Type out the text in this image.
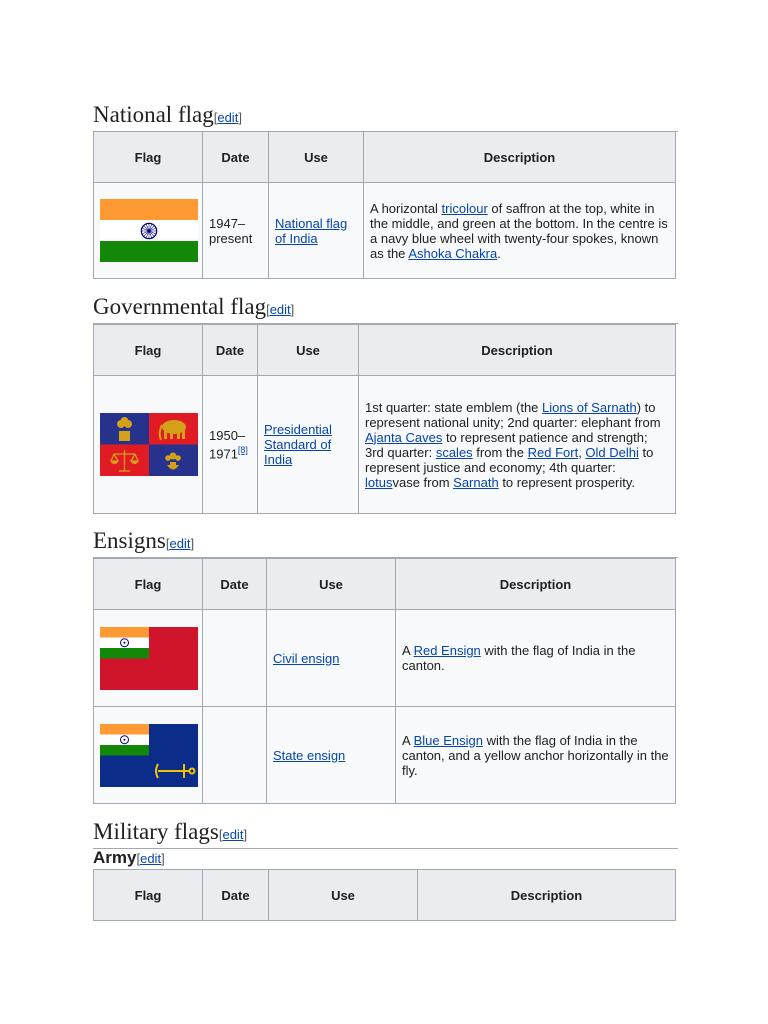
National flag[edit]
Flag	Date	Use	Description

	1947– present	National flag of India	A horizontal tricolour of saffron at the top, white in the middle, and green at the bottom. In the centre is a navy blue wheel with twenty-four spokes, known as the Ashoka Chakra.
Governmental flag[edit]
Flag	Date	Use	Description

	1950– 1971[8]	Presidential Standard of India	1st quarter: state emblem (the Lions of Sarnath) to represent national unity; 2nd quarter: elephant from Ajanta Caves to represent patience and strength; 3rd quarter: scales from the Red Fort, Old Delhi to represent justice and economy; 4th quarter: lotusvase from Sarnath to represent prosperity.
Ensigns[edit]
Flag	Date	Use	Description

		Civil ensign	A Red Ensign with the flag of India in the canton.

		State ensign	A Blue Ensign with the flag of India in the canton, and a yellow anchor horizontally in the fly.
Military flags[edit]
Army[edit]
Flag	Date	Use	Description
